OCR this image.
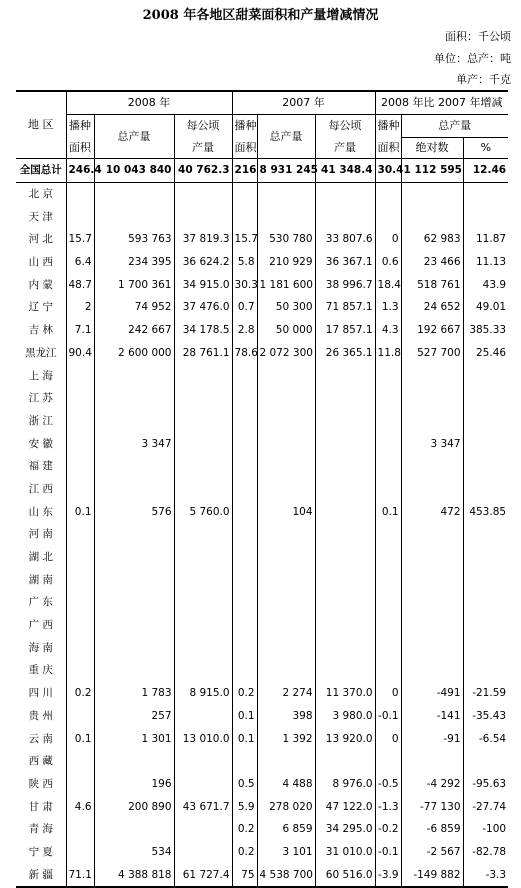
2008 年各地区甜菜面积和产量增减情况
面积：千公顷
单位：总产：吨
单产：千克
地 区	2008 年			2007 年			2008 年比 2007 年增减		
	播种	总产量	每公顷	播种	总产量	每公顷	播种	总产量	
	面积		产量	面积		产量	面积	绝对数	%
全国总计	246.4	10 043 840	40 762.3	216	8 931 245	41 348.4	30.4	1 112 595	12.46
北 京									
天 津									
河 北	15.7	593 763	37 819.3	15.7	530 780	33 807.6	0	62 983	11.87
山 西	6.4	234 395	36 624.2	5.8	210 929	36 367.1	0.6	23 466	11.13
内 蒙	48.7	1 700 361	34 915.0	30.3	1 181 600	38 996.7	18.4	518 761	43.9
辽 宁	2	74 952	37 476.0	0.7	50 300	71 857.1	1.3	24 652	49.01
吉 林	7.1	242 667	34 178.5	2.8	50 000	17 857.1	4.3	192 667	385.33
黑龙江	90.4	2 600 000	28 761.1	78.6	2 072 300	26 365.1	11.8	527 700	25.46
上 海									
江 苏									
浙 江									
安 徽		3 347						3 347	
福 建									
江 西									
山 东	0.1	576	5 760.0		104		0.1	472	453.85
河 南									
湖 北									
湖 南									
广 东									
广 西									
海 南									
重 庆									
四 川	0.2	1 783	8 915.0	0.2	2 274	11 370.0	0	-491	-21.59
贵 州		257		0.1	398	3 980.0	-0.1	-141	-35.43
云 南	0.1	1 301	13 010.0	0.1	1 392	13 920.0	0	-91	-6.54
西 藏									
陕 西		196		0.5	4 488	8 976.0	-0.5	-4 292	-95.63
甘 肃	4.6	200 890	43 671.7	5.9	278 020	47 122.0	-1.3	-77 130	-27.74
青 海				0.2	6 859	34 295.0	-0.2	-6 859	-100
宁 夏		534		0.2	3 101	31 010.0	-0.1	-2 567	-82.78
新 疆	71.1	4 388 818	61 727.4	75	4 538 700	60 516.0	-3.9	-149 882	-3.3
